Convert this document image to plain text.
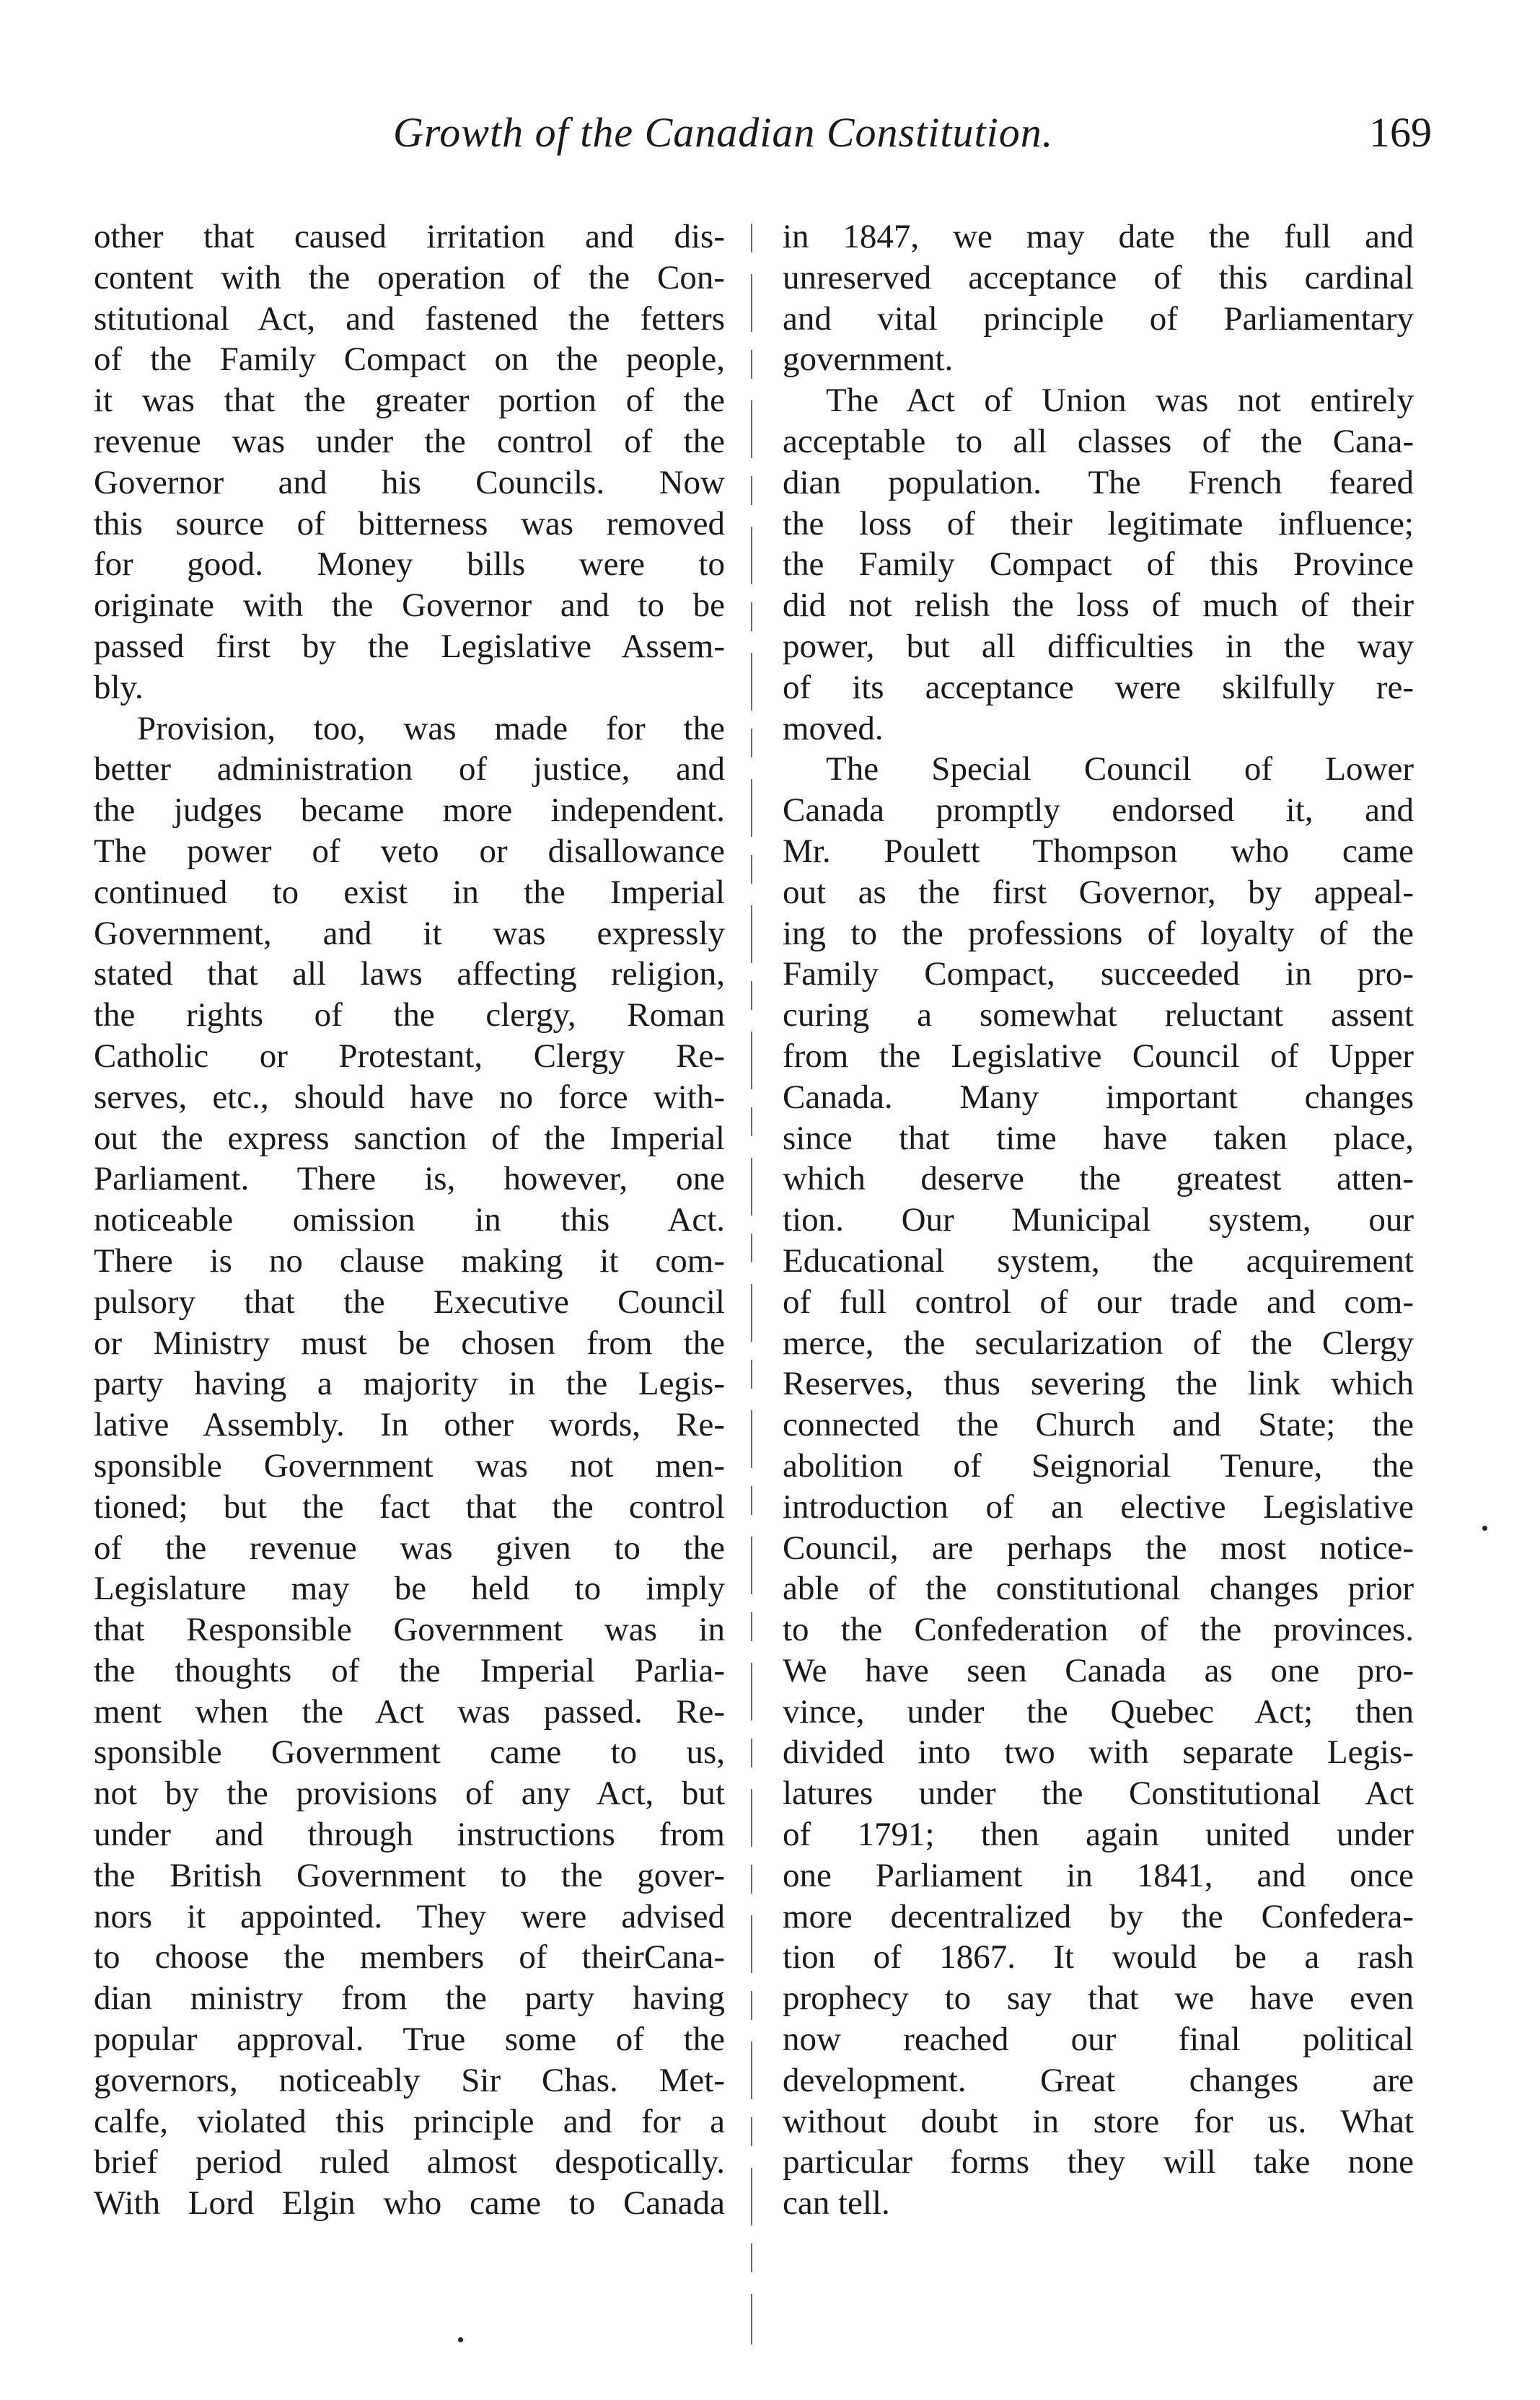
Growth of the Canadian Constitution.	169
other that caused irritation and dis-
content with the operation of the Con-
stitutional Act, and fastened the fetters
of the Family Compact on the people,
it was that the greater portion of the
revenue was under the control of the
Governor and his Councils. Now
this source of bitterness was removed
for good. Money bills were to
originate with the Governor and to be
passed first by the Legislative Assem-
bly.
Provision, too, was made for the
better administration of justice, and
the judges became more independent.
The power of veto or disallowance
continued to exist in the Imperial
Government, and it was expressly
stated that all laws affecting religion,
the rights of the clergy, Roman
Catholic or Protestant, Clergy Re-
serves, etc., should have no force with-
out the express sanction of the Imperial
Parliament. There is, however, one
noticeable omission in this Act.
There is no clause making it com-
pulsory that the Executive Council
or Ministry must be chosen from the
party having a majority in the Legis-
lative Assembly. In other words, Re-
sponsible Government was not men-
tioned; but the fact that the control
of the revenue was given to the
Legislature may be held to imply
that Responsible Government was in
the thoughts of the Imperial Parlia-
ment when the Act was passed. Re-
sponsible Government came to us,
not by the provisions of any Act, but
under and through instructions from
the British Government to the gover-
nors it appointed. They were advised
to choose the members of theirCana-
dian ministry from the party having
popular approval. True some of the
governors, noticeably Sir Chas. Met-
calfe, violated this principle and for a
brief period ruled almost despotically.
With Lord Elgin who came to Canada
in 1847, we may date the full and
unreserved acceptance of this cardinal
and vital principle of Parliamentary
government.
The Act of Union was not entirely
acceptable to all classes of the Cana-
dian population. The French feared
the loss of their legitimate influence;
the Family Compact of this Province
did not relish the loss of much of their
power, but all difficulties in the way
of its acceptance were skilfully re-
moved.
The Special Council of Lower
Canada promptly endorsed it, and
Mr. Poulett Thompson who came
out as the first Governor, by appeal-
ing to the professions of loyalty of the
Family Compact, succeeded in pro-
curing a somewhat reluctant assent
from the Legislative Council of Upper
Canada. Many important changes
since that time have taken place,
which deserve the greatest atten-
tion. Our Municipal system, our
Educational system, the acquirement
of full control of our trade and com-
merce, the secularization of the Clergy
Reserves, thus severing the link which
connected the Church and State; the
abolition of Seignorial Tenure, the
introduction of an elective Legislative
Council, are perhaps the most notice-
able of the constitutional changes prior
to the Confederation of the provinces.
We have seen Canada as one pro-
vince, under the Quebec Act; then
divided into two with separate Legis-
latures under the Constitutional Act
of 1791; then again united under
one Parliament in 1841, and once
more decentralized by the Confedera-
tion of 1867. It would be a rash
prophecy to say that we have even
now reached our final political
development. Great changes are
without doubt in store for us. What
particular forms they will take none
can tell.
